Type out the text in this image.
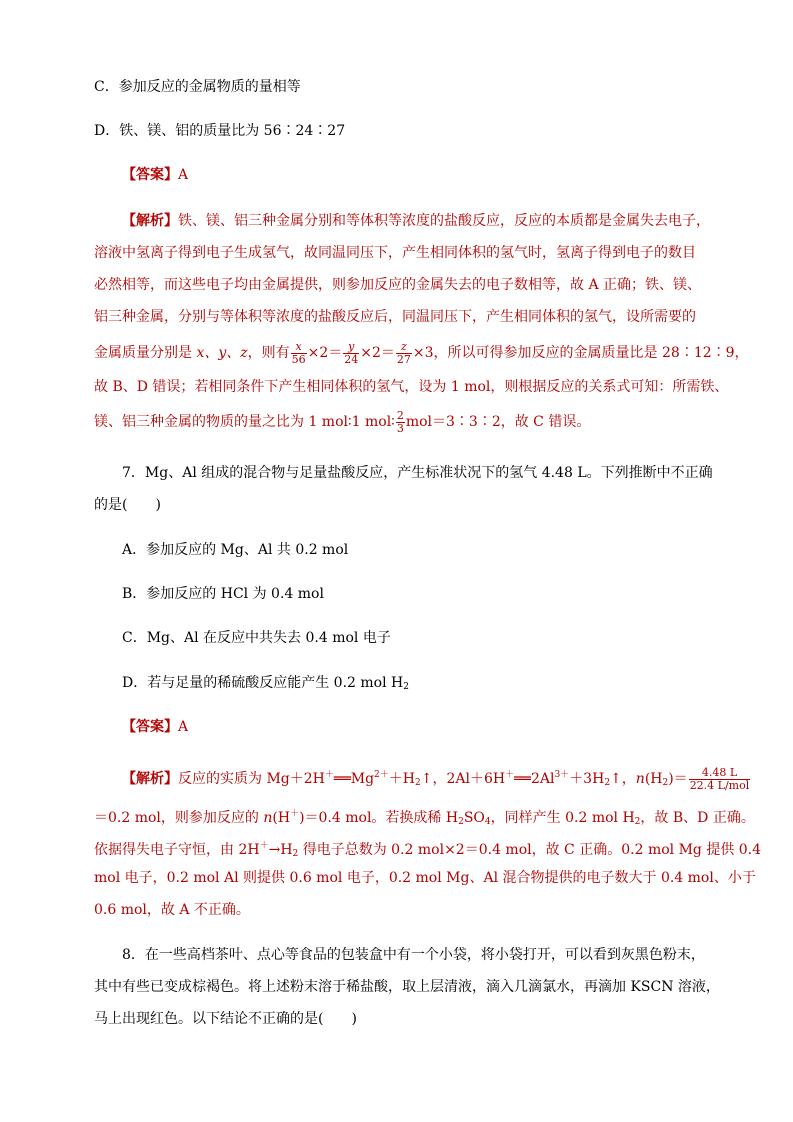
C．参加反应的金属物质的量相等
D．铁、镁、铝的质量比为 56∶24∶27
【答案】A
【解析】铁、镁、铝三种金属分别和等体积等浓度的盐酸反应，反应的本质都是金属失去电子，
溶液中氢离子得到电子生成氢气，故同温同压下，产生相同体积的氢气时，氢离子得到电子的数目
必然相等，而这些电子均由金属提供，则参加反应的金属失去的电子数相等，故 A 正确；铁、镁、
铝三种金属，分别与等体积等浓度的盐酸反应后，同温同压下，产生相同体积的氢气，设所需要的
金属质量分别是 x、y、z，则有 $\frac{x}{56} \times 2= \frac{y}{24} \times 2= \frac{z}{27} \times 3$，所以可得参加反应的金属质量比是 28∶12∶9，
故 B、D 错误；若相同条件下产生相同体积的氢气，设为 1 mol，则根据反应的关系式可知：所需铁、
镁、铝三种金属的物质的量之比为 1 mol∶1 mol∶ $\frac{2}{3}$ mol＝3∶3∶2，故 C 错误。
7．Mg、Al 组成的混合物与足量盐酸反应，产生标准状况下的氢气 4.48 L。下列推断中不正确
的是(　　)
A．参加反应的 Mg、Al 共 0.2 mol
B．参加反应的 HCl 为 0.4 mol
C．Mg、Al 在反应中共失去 0.4 mol 电子
D．若与足量的稀硫酸反应能产生 0.2 mol $H_2$
【答案】A
【解析】反应的实质为 $Mg+2H^+══Mg^{2+}+H_2↑$，$2Al+6H^+══2Al^{3+}+3H_2↑$，$n(H_2)= \frac{4.48 L}{\text{22.4 L/mol}}$
＝0.2 mol，则参加反应的 n(H＋)＝0.4 mol。若换成稀 $H_2SO_4$，同样产生 0.2 mol $H_2$，故 B、D 正确。
依据得失电子守恒，由 $2H^+\to H_2$ 得电子总数为 0.2 mol×2＝0.4 mol，故 C 正确。0.2 mol Mg 提供 0.4
mol 电子，0.2 mol Al 则提供 0.6 mol 电子，0.2 mol Mg、Al 混合物提供的电子数大于 0.4 mol、小于
0.6 mol，故 A 不正确。
8．在一些高档茶叶、点心等食品的包装盒中有一个小袋，将小袋打开，可以看到灰黑色粉末，
其中有些已变成棕褐色。将上述粉末溶于稀盐酸，取上层清液，滴入几滴氯水，再滴加 KSCN 溶液，
马上出现红色。以下结论不正确的是(　　)
